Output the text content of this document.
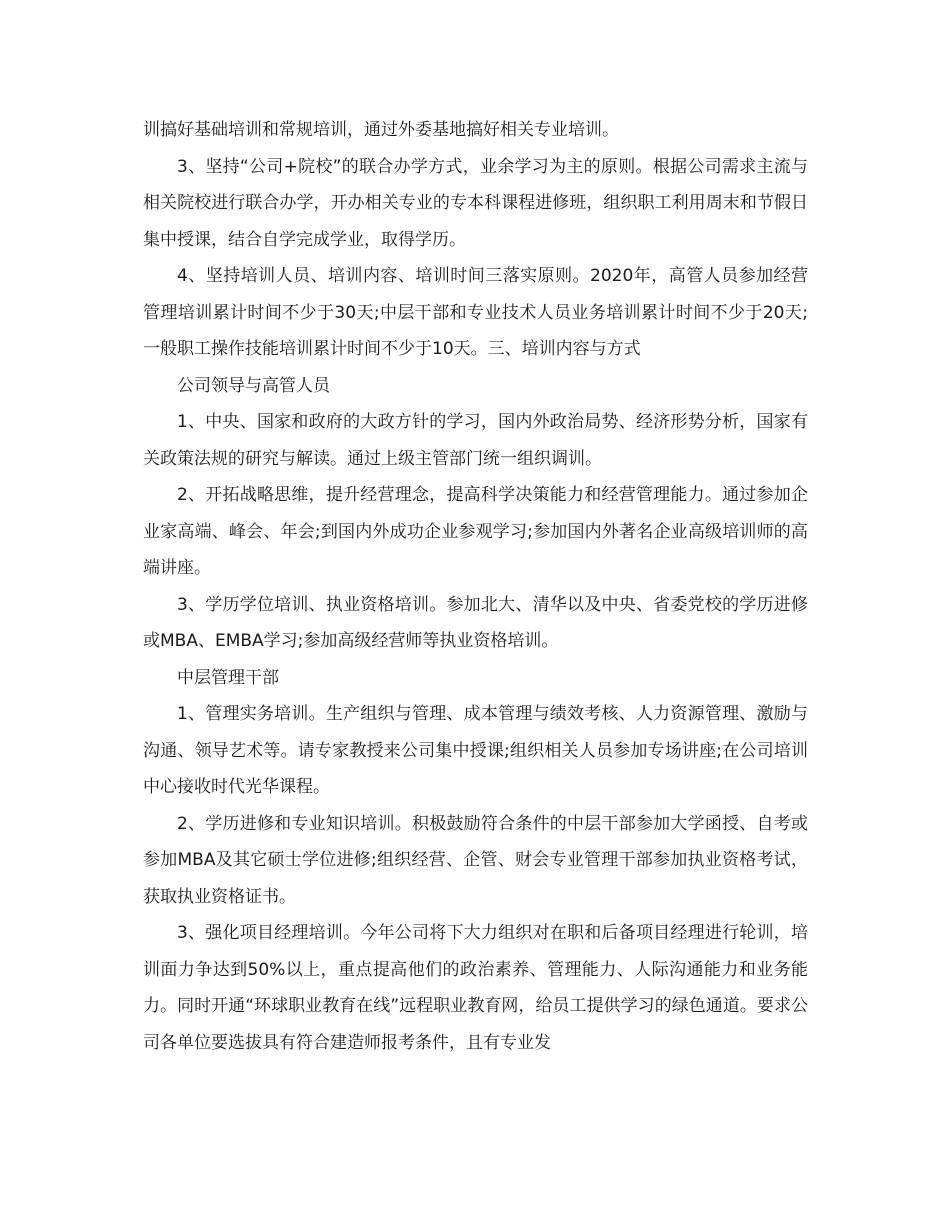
训搞好基础培训和常规培训，通过外委基地搞好相关专业培训。

3、坚持“公司+院校”的联合办学方式，业余学习为主的原则。根据公司需求主流与相关院校进行联合办学，开办相关专业的专本科课程进修班，组织职工利用周末和节假日集中授课，结合自学完成学业，取得学历。

4、坚持培训人员、培训内容、培训时间三落实原则。2020年，高管人员参加经营管理培训累计时间不少于30天;中层干部和专业技术人员业务培训累计时间不少于20天;一般职工操作技能培训累计时间不少于10天。三、培训内容与方式

公司领导与高管人员

1、中央、国家和政府的大政方针的学习，国内外政治局势、经济形势分析，国家有关政策法规的研究与解读。通过上级主管部门统一组织调训。

2、开拓战略思维，提升经营理念，提高科学决策能力和经营管理能力。通过参加企业家高端、峰会、年会;到国内外成功企业参观学习;参加国内外著名企业高级培训师的高端讲座。

3、学历学位培训、执业资格培训。参加北大、清华以及中央、省委党校的学历进修或MBA、EMBA学习;参加高级经营师等执业资格培训。

中层管理干部

1、管理实务培训。生产组织与管理、成本管理与绩效考核、人力资源管理、激励与沟通、领导艺术等。请专家教授来公司集中授课;组织相关人员参加专场讲座;在公司培训中心接收时代光华课程。

2、学历进修和专业知识培训。积极鼓励符合条件的中层干部参加大学函授、自考或参加MBA及其它硕士学位进修;组织经营、企管、财会专业管理干部参加执业资格考试，获取执业资格证书。

3、强化项目经理培训。今年公司将下大力组织对在职和后备项目经理进行轮训，培训面力争达到50%以上，重点提高他们的政治素养、管理能力、人际沟通能力和业务能力。同时开通“环球职业教育在线”远程职业教育网，给员工提供学习的绿色通道。要求公司各单位要选拔具有符合建造师报考条件，且有专业发
